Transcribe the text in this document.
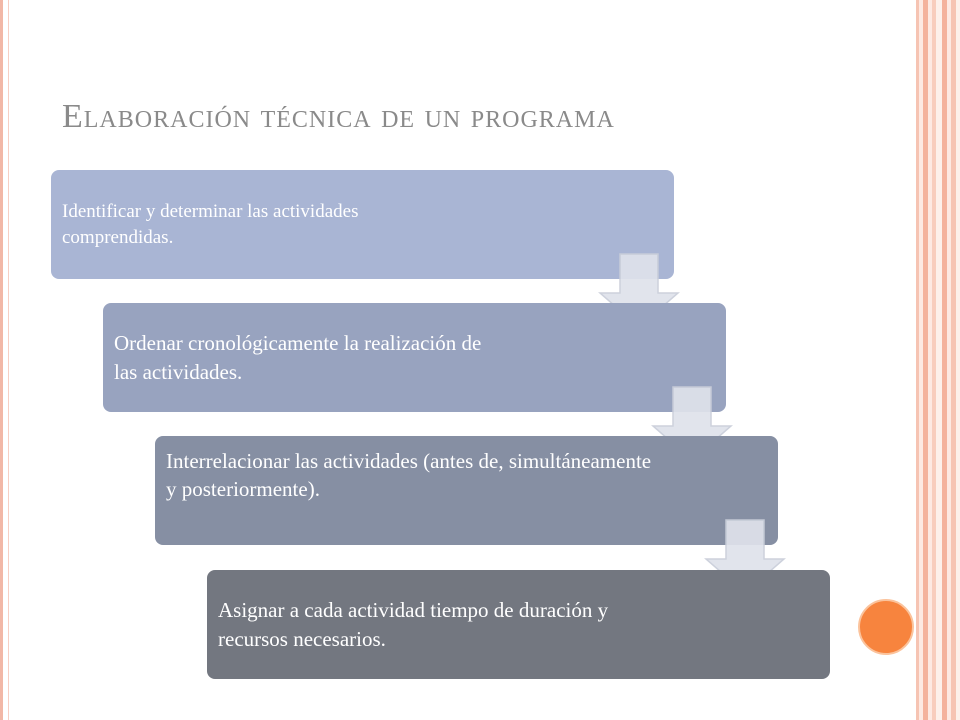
Elaboración técnica de un programa
Identificar y determinar las actividades comprendidas.
Ordenar cronológicamente la realización de las actividades.
Interrelacionar las actividades (antes de, simultáneamente y posteriormente).
Asignar a cada actividad tiempo de duración y recursos necesarios.
